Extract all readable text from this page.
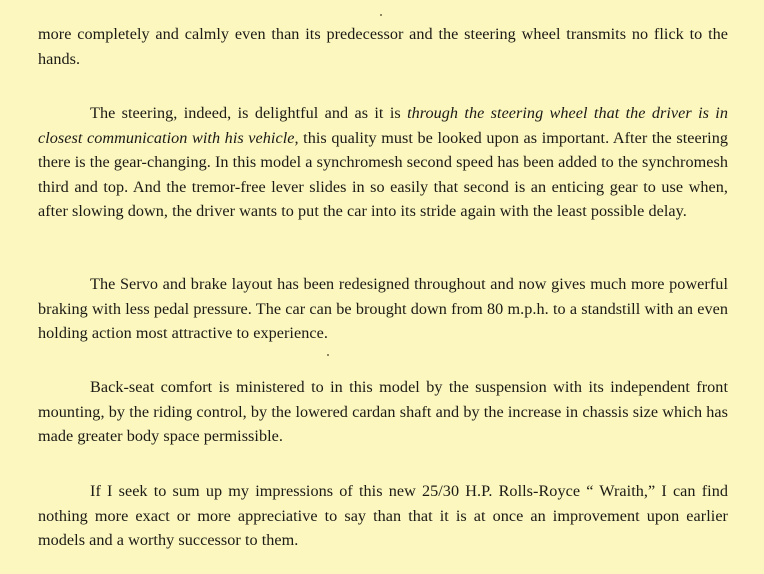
more completely and calmly even than its predecessor and the steering wheel transmits no flick to the hands.

The steering, indeed, is delightful and as it is through the steering wheel that the driver is in closest communication with his vehicle, this quality must be looked upon as important. After the steering there is the gear-changing. In this model a synchromesh second speed has been added to the synchromesh third and top. And the tremor-free lever slides in so easily that second is an enticing gear to use when, after slowing down, the driver wants to put the car into its stride again with the least possible delay.

The Servo and brake layout has been redesigned throughout and now gives much more powerful braking with less pedal pressure. The car can be brought down from 80 m.p.h. to a standstill with an even holding action most attractive to experience.

Back-seat comfort is ministered to in this model by the suspension with its independent front mounting, by the riding control, by the lowered cardan shaft and by the increase in chassis size which has made greater body space permissible.

If I seek to sum up my impressions of this new 25/30 H.P. Rolls-Royce “ Wraith,” I can find nothing more exact or more appreciative to say than that it is at once an improvement upon earlier models and a worthy successor to them.
